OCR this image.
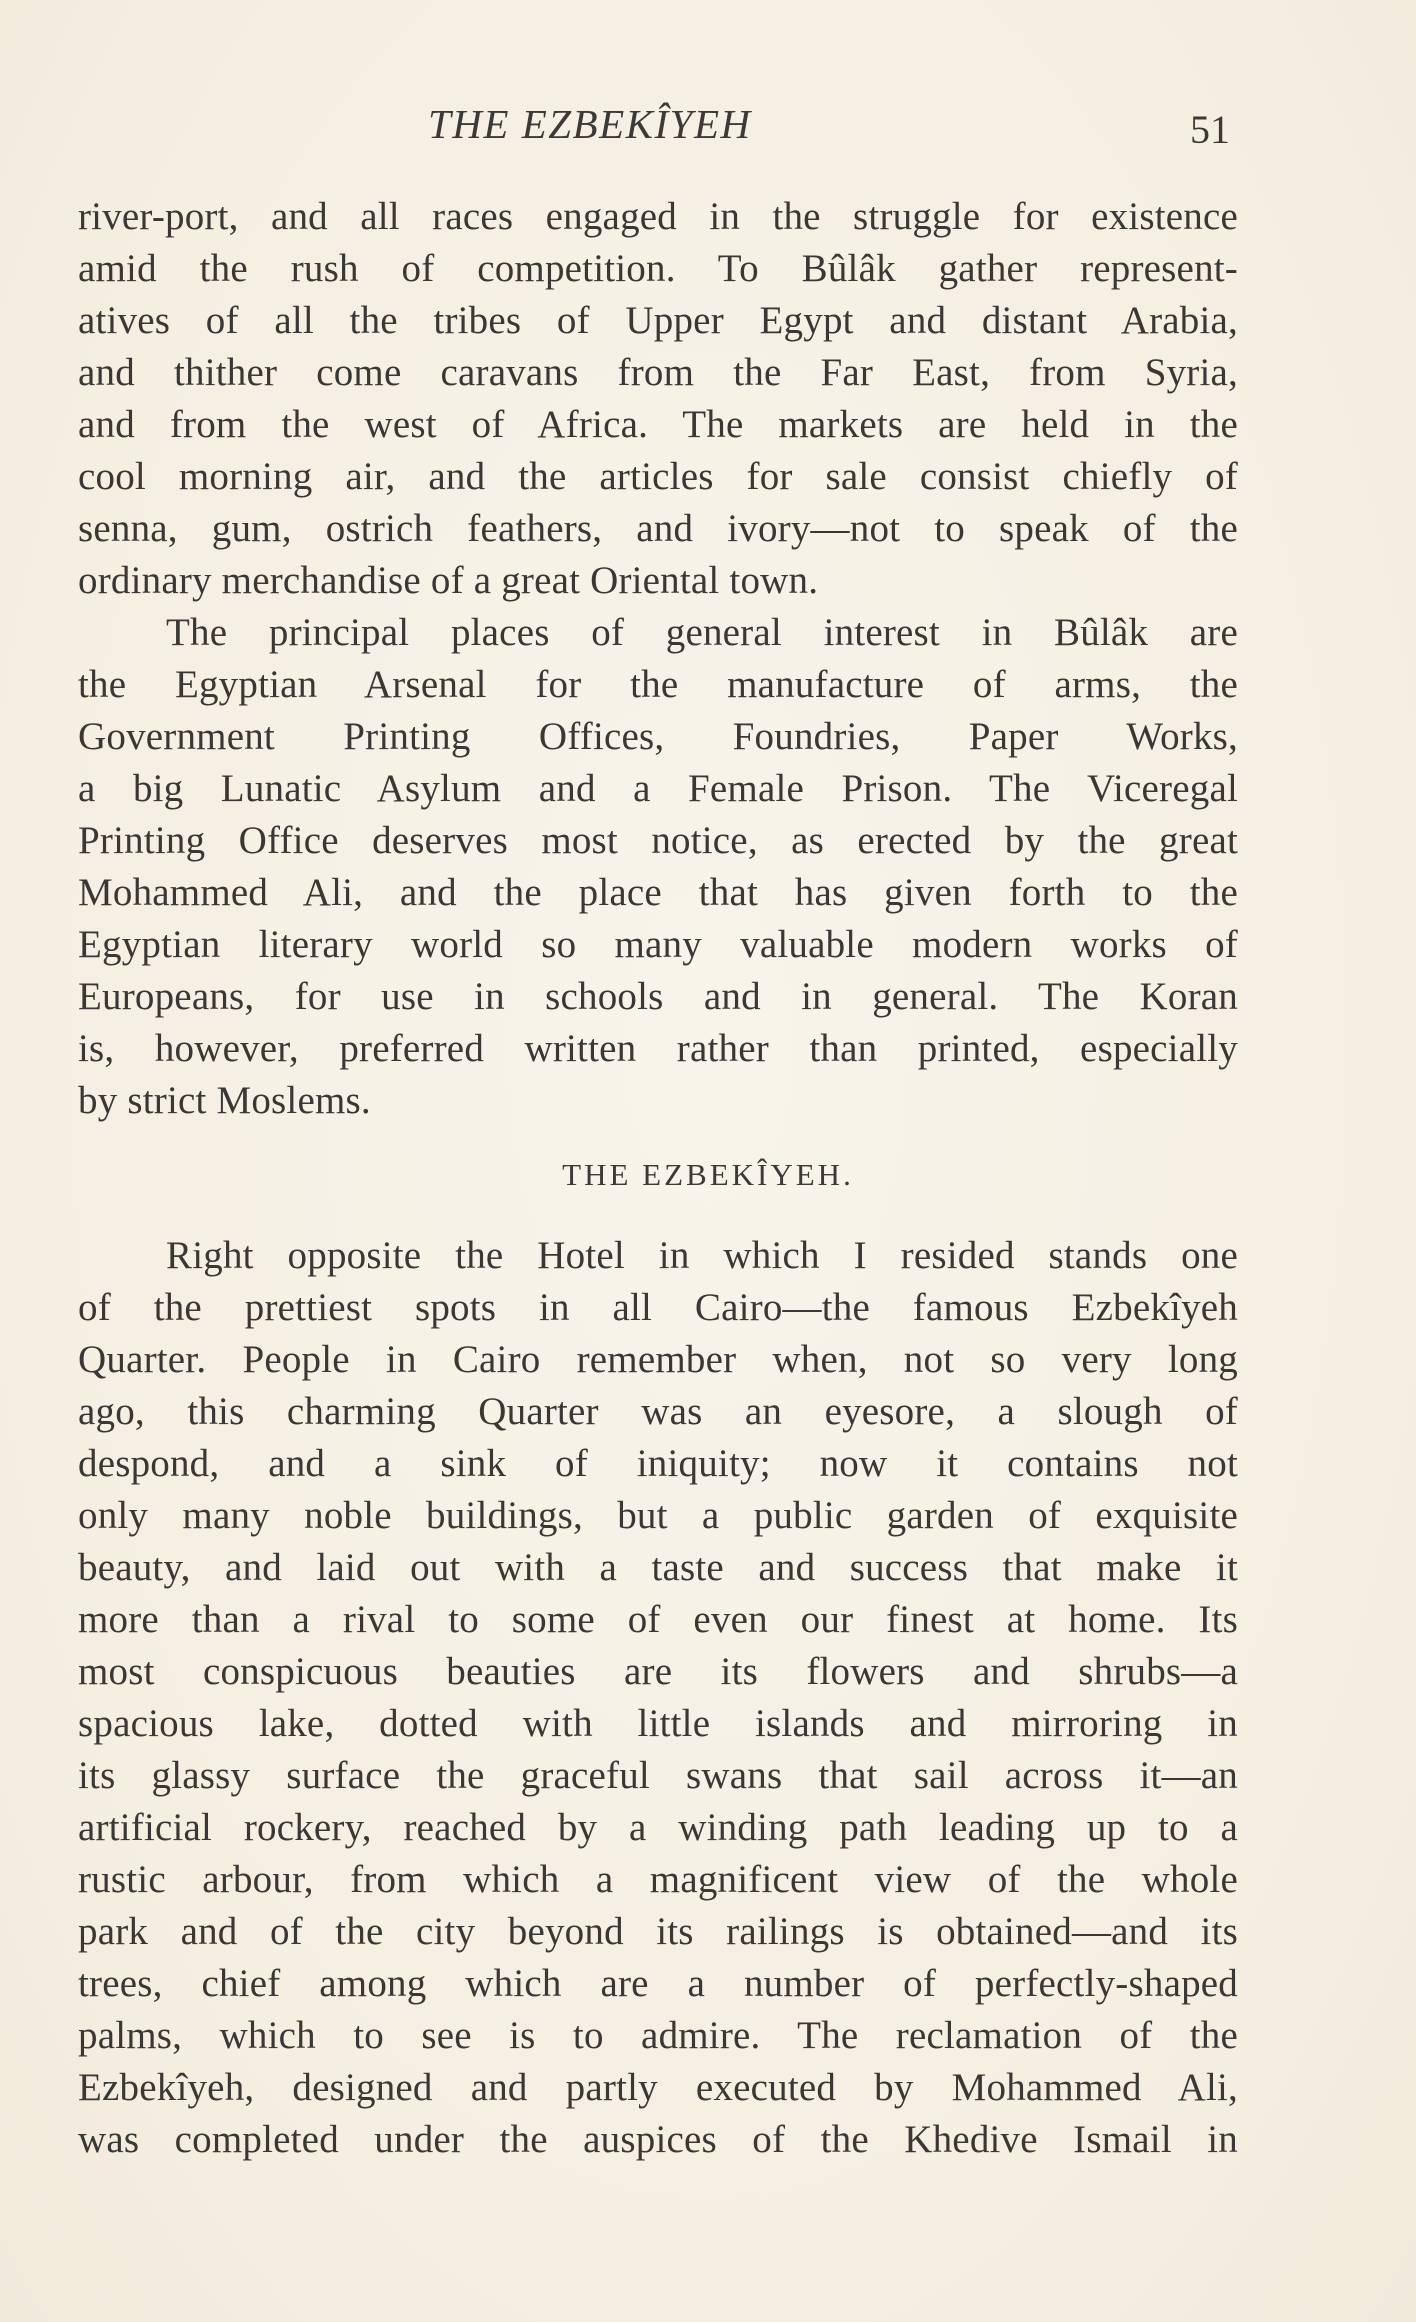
THE EZBEKÎYEH	51
river-port, and all races engaged in the struggle for existence
amid the rush of competition. To Bûlâk gather represent-
atives of all the tribes of Upper Egypt and distant Arabia,
and thither come caravans from the Far East, from Syria,
and from the west of Africa. The markets are held in the
cool morning air, and the articles for sale consist chiefly of
senna, gum, ostrich feathers, and ivory—not to speak of the
ordinary merchandise of a great Oriental town.
The principal places of general interest in Bûlâk are
the Egyptian Arsenal for the manufacture of arms, the
Government Printing Offices, Foundries, Paper Works,
a big Lunatic Asylum and a Female Prison. The Viceregal
Printing Office deserves most notice, as erected by the great
Mohammed Ali, and the place that has given forth to the
Egyptian literary world so many valuable modern works of
Europeans, for use in schools and in general. The Koran
is, however, preferred written rather than printed, especially
by strict Moslems.
THE EZBEKÎYEH.
Right opposite the Hotel in which I resided stands one
of the prettiest spots in all Cairo—the famous Ezbekîyeh
Quarter. People in Cairo remember when, not so very long
ago, this charming Quarter was an eyesore, a slough of
despond, and a sink of iniquity; now it contains not
only many noble buildings, but a public garden of exquisite
beauty, and laid out with a taste and success that make it
more than a rival to some of even our finest at home. Its
most conspicuous beauties are its flowers and shrubs—a
spacious lake, dotted with little islands and mirroring in
its glassy surface the graceful swans that sail across it—an
artificial rockery, reached by a winding path leading up to a
rustic arbour, from which a magnificent view of the whole
park and of the city beyond its railings is obtained—and its
trees, chief among which are a number of perfectly-shaped
palms, which to see is to admire. The reclamation of the
Ezbekîyeh, designed and partly executed by Mohammed Ali,
was completed under the auspices of the Khedive Ismail in
